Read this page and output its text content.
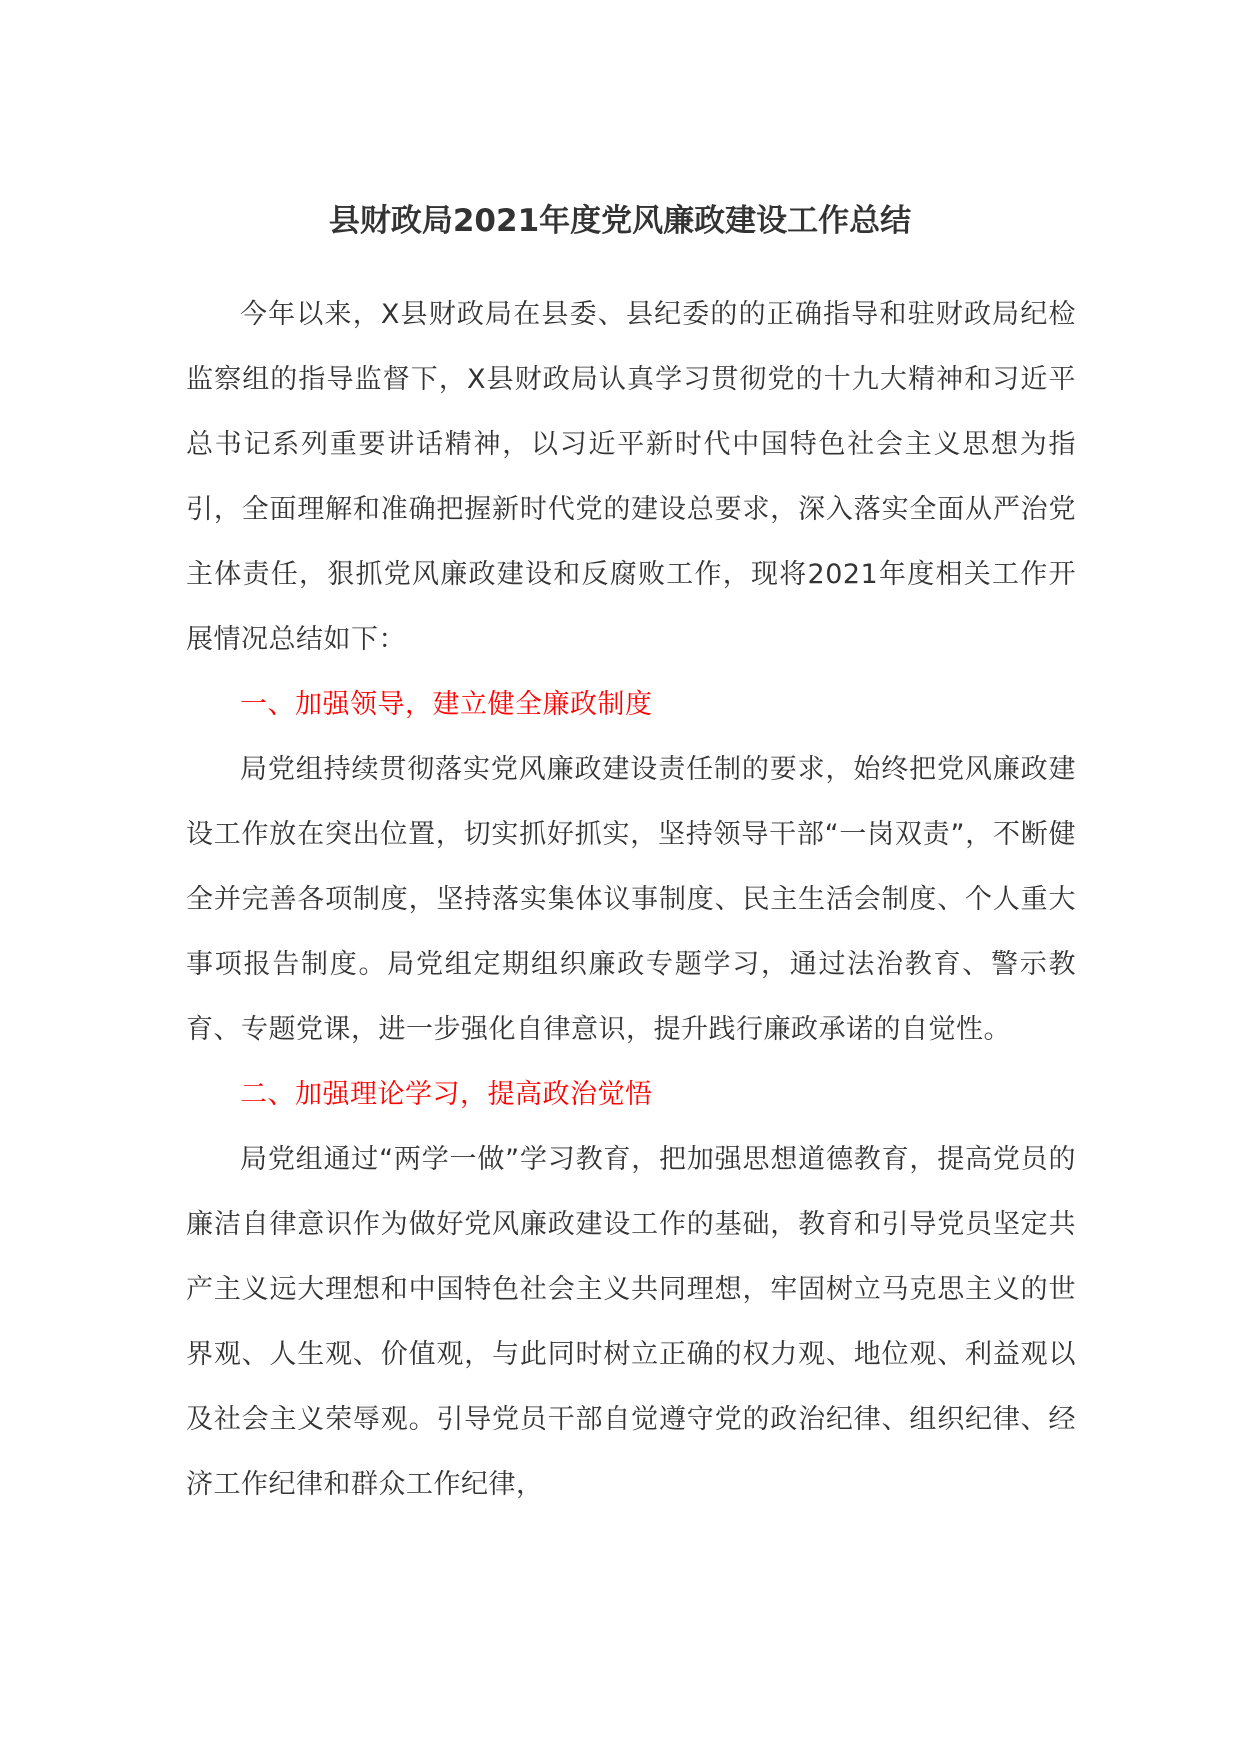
县财政局2021年度党风廉政建设工作总结

今年以来，X县财政局在县委、县纪委的的正确指导和驻财政局纪检监察组的指导监督下，X县财政局认真学习贯彻党的十九大精神和习近平总书记系列重要讲话精神，以习近平新时代中国特色社会主义思想为指引，全面理解和准确把握新时代党的建设总要求，深入落实全面从严治党主体责任，狠抓党风廉政建设和反腐败工作，现将2021年度相关工作开展情况总结如下：

一、加强领导，建立健全廉政制度

局党组持续贯彻落实党风廉政建设责任制的要求，始终把党风廉政建设工作放在突出位置，切实抓好抓实，坚持领导干部“一岗双责”，不断健全并完善各项制度，坚持落实集体议事制度、民主生活会制度、个人重大事项报告制度。局党组定期组织廉政专题学习，通过法治教育、警示教育、专题党课，进一步强化自律意识，提升践行廉政承诺的自觉性。

二、加强理论学习，提高政治觉悟

局党组通过“两学一做”学习教育，把加强思想道德教育，提高党员的廉洁自律意识作为做好党风廉政建设工作的基础，教育和引导党员坚定共产主义远大理想和中国特色社会主义共同理想，牢固树立马克思主义的世界观、人生观、价值观，与此同时树立正确的权力观、地位观、利益观以及社会主义荣辱观。引导党员干部自觉遵守党的政治纪律、组织纪律、经济工作纪律和群众工作纪律，
